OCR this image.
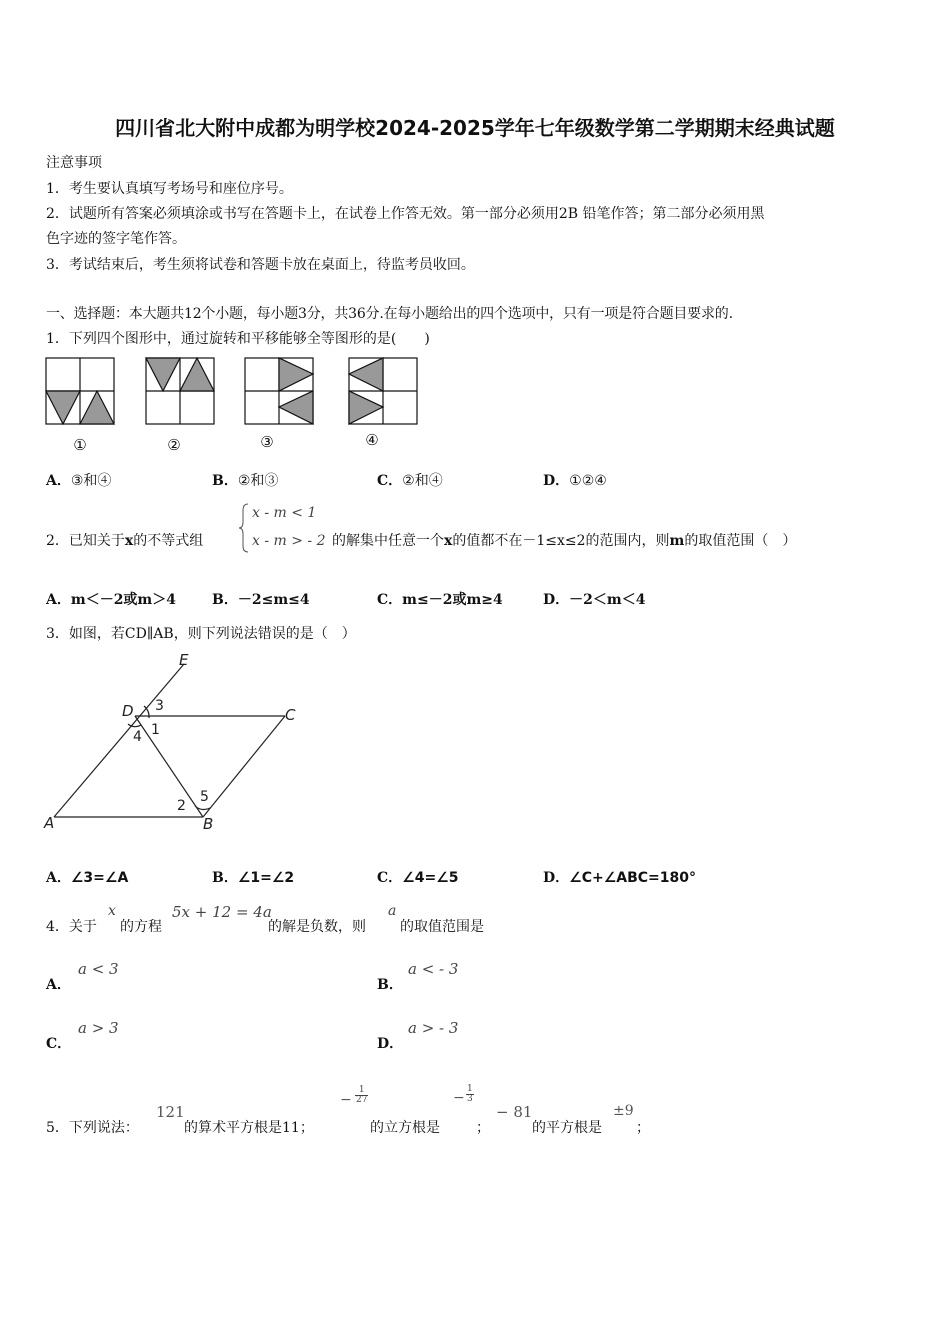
四川省北大附中成都为明学校2024-2025学年七年级数学第二学期期末经典试题
注意事项
1．考生要认真填写考场号和座位序号。
2．试题所有答案必须填涂或书写在答题卡上，在试卷上作答无效。第一部分必须用2B 铅笔作答；第二部分必须用黑
色字迹的签字笔作答。
3．考试结束后，考生须将试卷和答题卡放在桌面上，待监考员收回。
一、选择题：本大题共12个小题，每小题3分，共36分.在每小题给出的四个选项中，只有一项是符合题目要求的.
1．下列四个图形中，通过旋转和平移能够全等图形的是(　　)
①	②	③	④
A．③和④	B．②和③	C．②和④	D．①②④
2．已知关于x的不等式组
x - m < 1
x - m > - 2 的解集中任意一个x的值都不在－1≤x≤2的范围内，则m的取值范围（　）
A．m＜－2或m＞4	B．－2≤m≤4	C．m≤－2或m≥4	D．－2＜m＜4
3．如图，若CD∥AB，则下列说法错误的是（　）
E
D	C
A	B
3
1
4
2
5
A．∠3=∠A	B．∠1=∠2	C．∠4=∠5	D．∠C+∠ABC=180°
4．关于
x
的方程
5x + 12 = 4a
的解是负数，则
a
的取值范围是
A．
a < 3
B．
a < - 3
C．
a > 3
D．
a > - 3
5．下列说法：
121
的算术平方根是11；
− $\frac{1}{27}$
的立方根是
− $\frac{1}{3}$
；
− 81
的平方根是
±9
；
